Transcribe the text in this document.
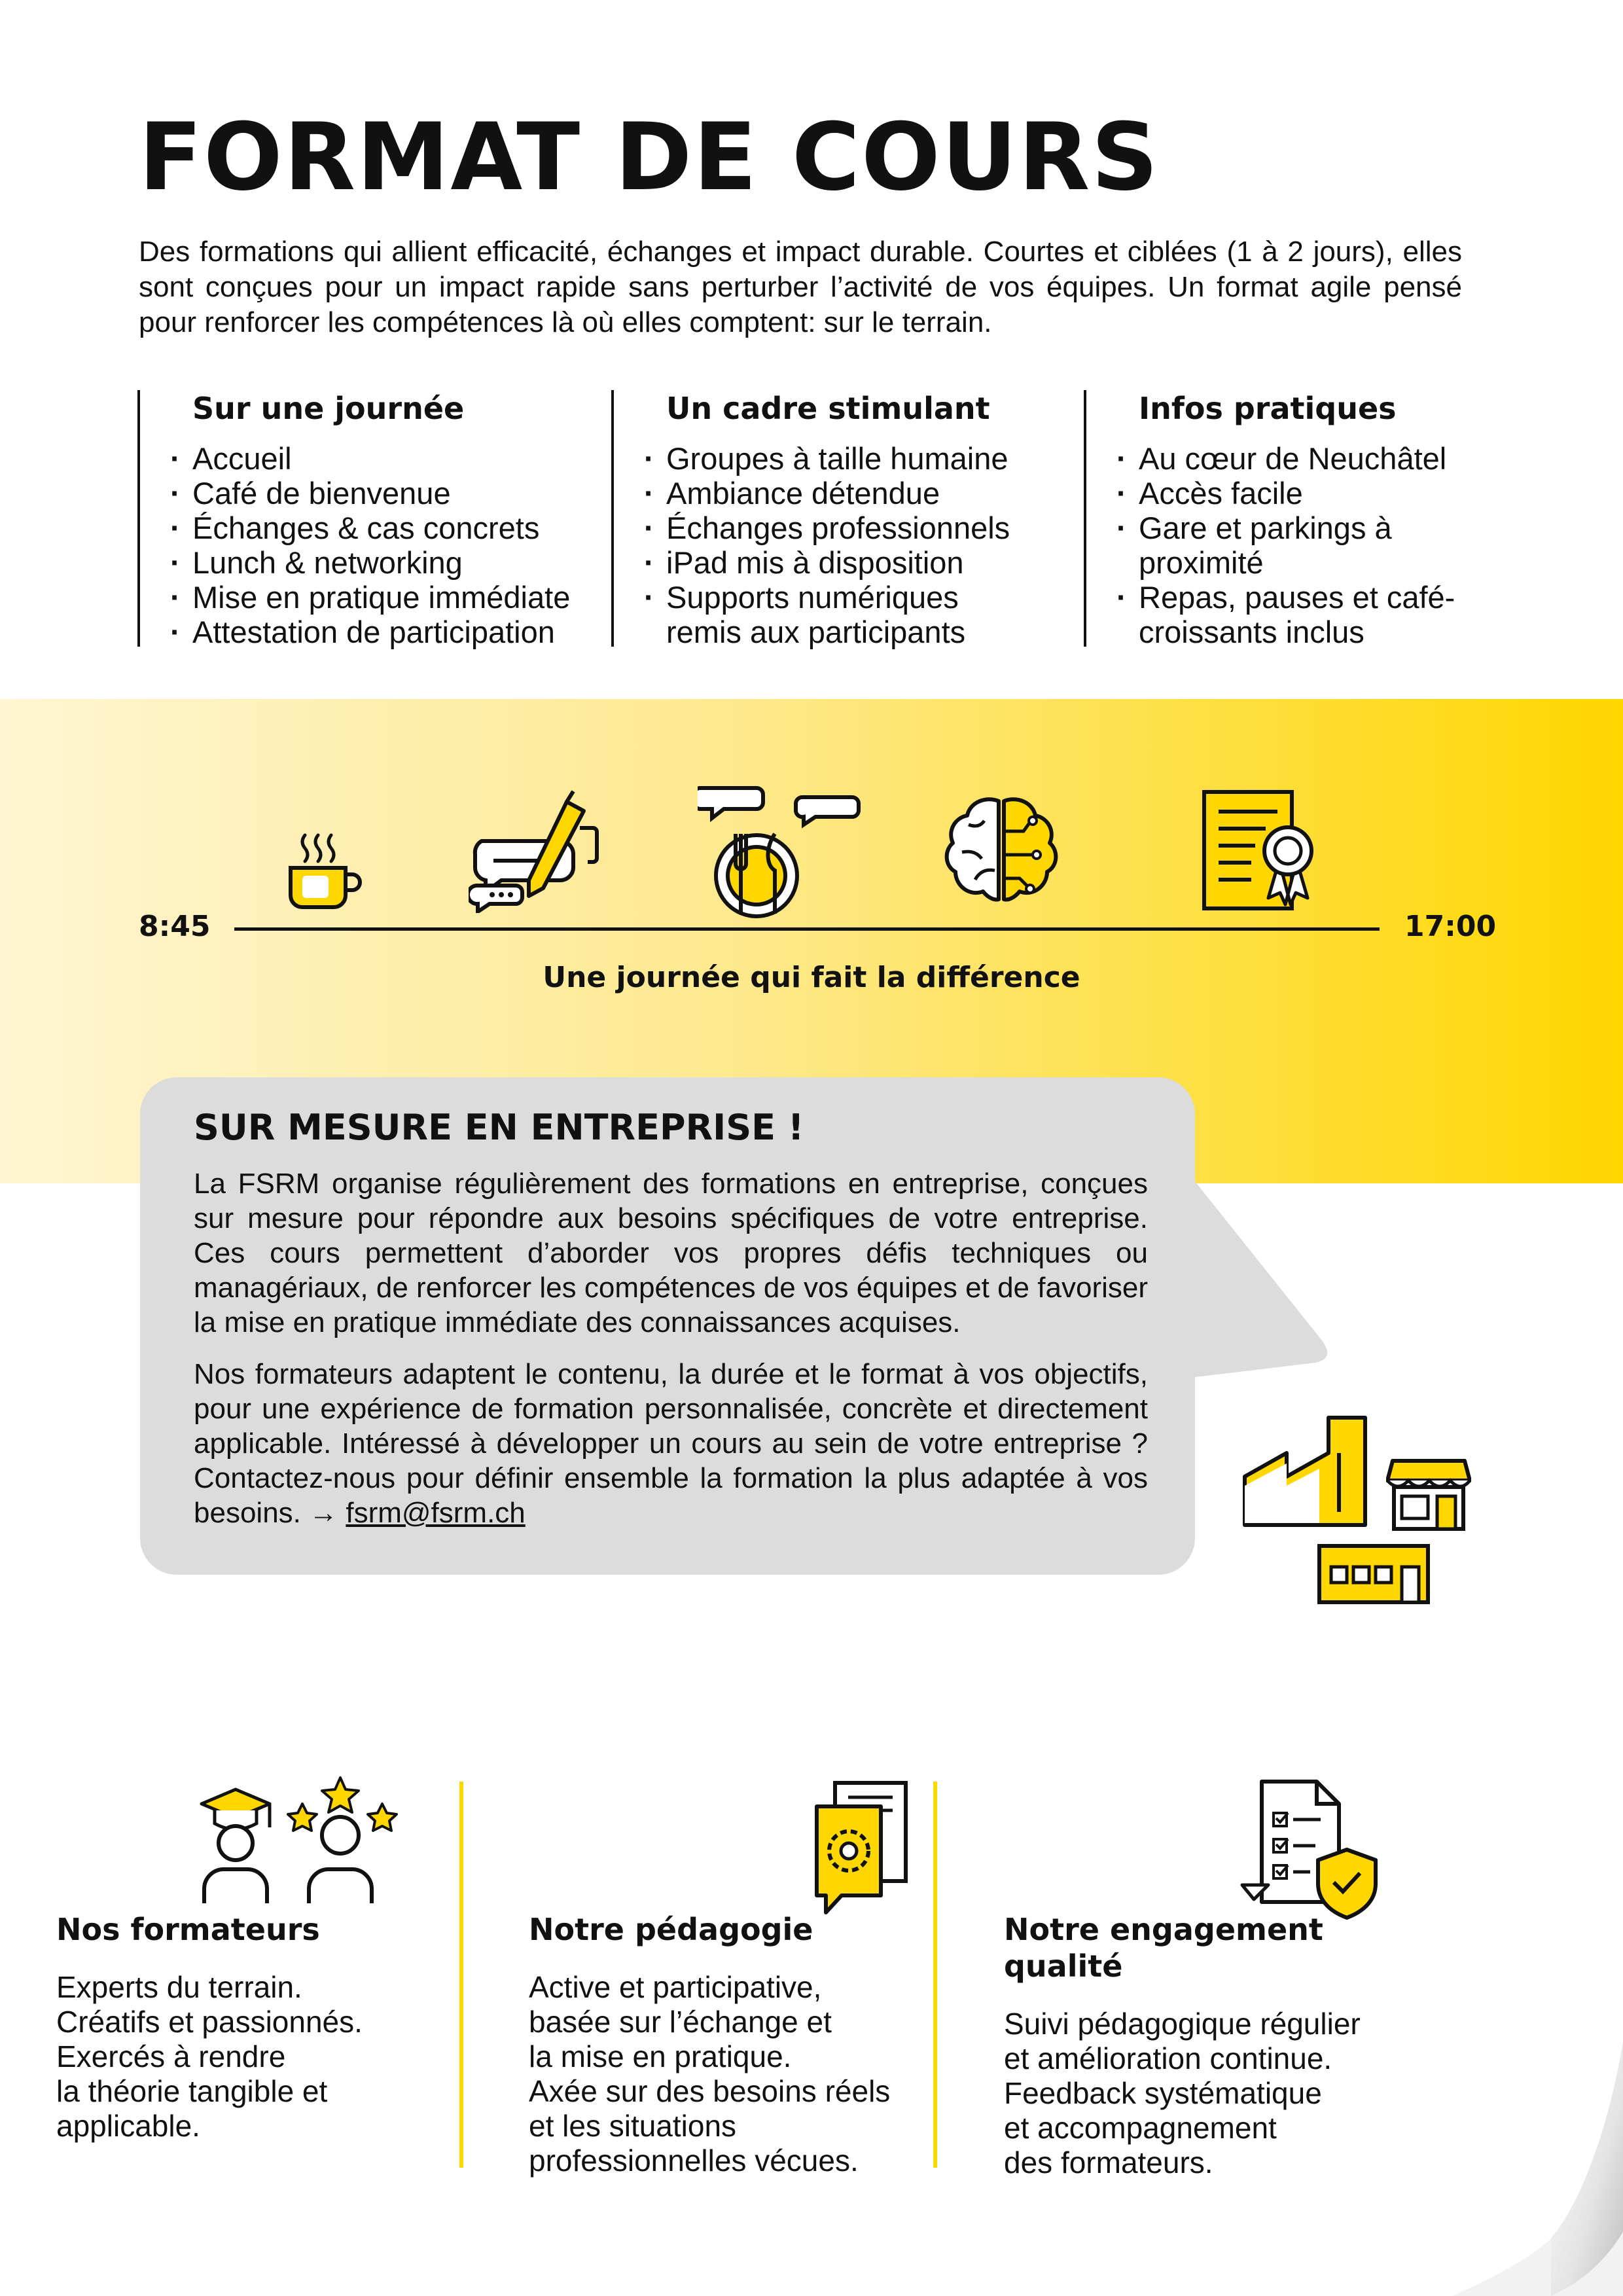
FORMAT DE COURS

Des formations qui allient efficacité, échanges et impact durable. Courtes et ciblées (1 à 2 jours), elles sont conçues pour un impact rapide sans perturber l’activité de vos équipes. Un format agile pensé pour renforcer les compétences là où elles comptent: sur le terrain.

Sur une journée
· Accueil
· Café de bienvenue
· Échanges & cas concrets
· Lunch & networking
· Mise en pratique immédiate
· Attestation de participation
Un cadre stimulant
· Groupes à taille humaine
· Ambiance détendue
· Échanges professionnels
· iPad mis à disposition
· Supports numériques remis aux participants
Infos pratiques
· Au cœur de Neuchâtel
· Accès facile
· Gare et parkings à proximité
· Repas, pauses et café-croissants inclus
8:45	17:00
Une journée qui fait la différence
SUR MESURE EN ENTREPRISE !

La FSRM organise régulièrement des formations en entreprise, conçues sur mesure pour répondre aux besoins spécifiques de votre entreprise. Ces cours permettent d’aborder vos propres défis techniques ou managériaux, de renforcer les compétences de vos équipes et de favoriser la mise en pratique immédiate des connaissances acquises.

Nos formateurs adaptent le contenu, la durée et le format à vos objectifs, pour une expérience de formation personnalisée, concrète et directement applicable. Intéressé à développer un cours au sein de votre entreprise ? Contactez-nous pour définir ensemble la formation la plus adaptée à vos besoins. → fsrm@fsrm.ch

Nos formateurs

Experts du terrain.
Créatifs et passionnés.
Exercés à rendre
la théorie tangible et
applicable.

Notre pédagogie

Active et participative,
basée sur l’échange et
la mise en pratique.
Axée sur des besoins réels
et les situations
professionnelles vécues.

Notre engagement qualité

Suivi pédagogique régulier
et amélioration continue.
Feedback systématique
et accompagnement
des formateurs.
